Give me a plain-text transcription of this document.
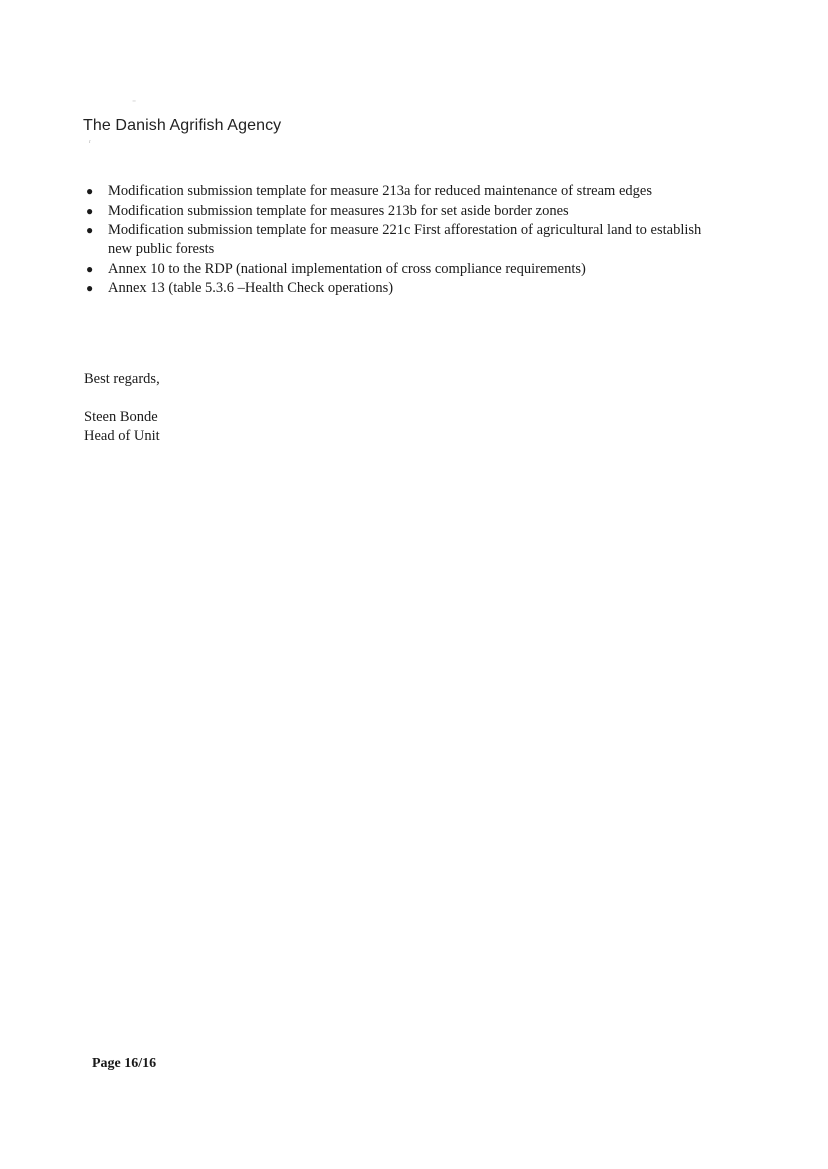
⁻
The Danish Agrifish Agency
ʳ
● Modification submission template for measure 213a for reduced maintenance of stream edges
● Modification submission template for measures 213b for set aside border zones
● Modification submission template for measure 221c First afforestation of agricultural land to establish new public forests
● Annex 10 to the RDP (national implementation of cross compliance requirements)
● Annex 13 (table 5.3.6 –Health Check operations)
Best regards,
Steen Bonde
Head of Unit
Page 16/16
